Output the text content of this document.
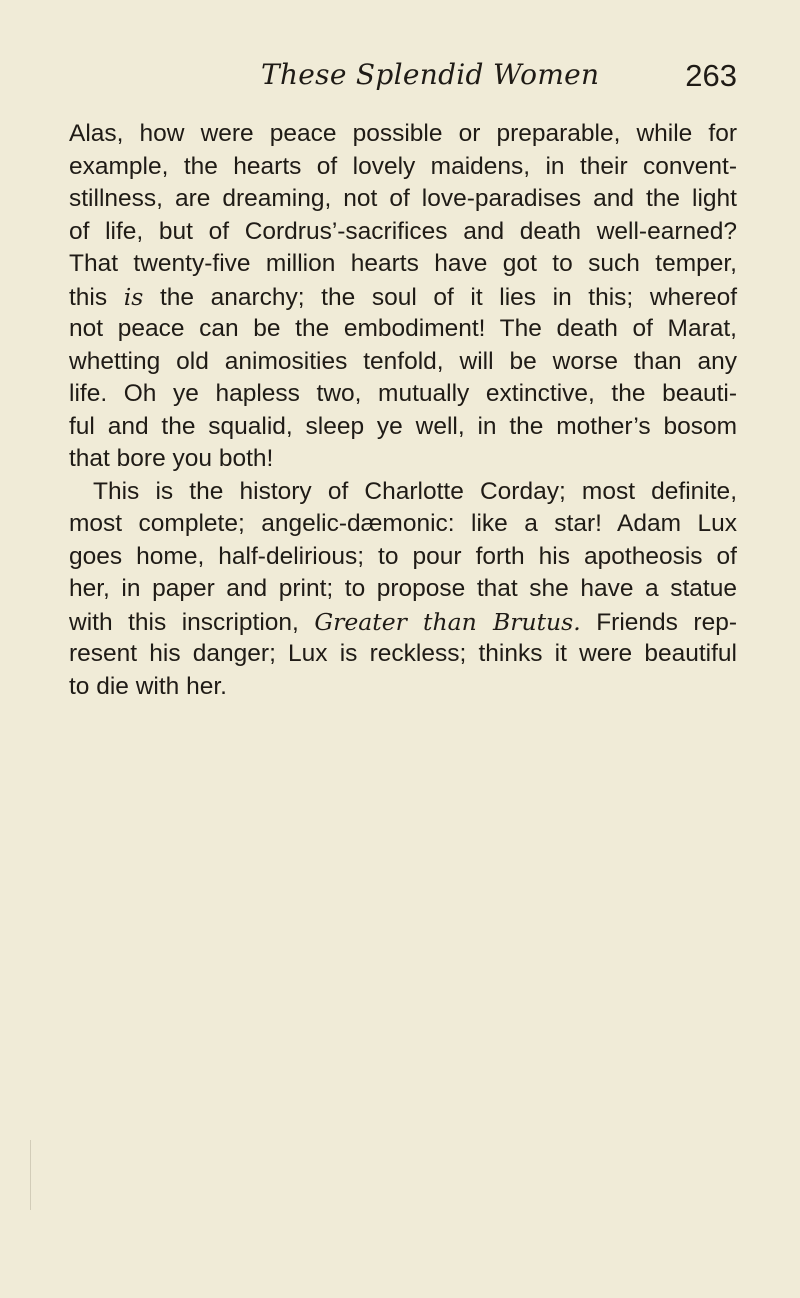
These Splendid Women	263
Alas, how were peace possible or preparable, while for
example, the hearts of lovely maidens, in their convent-
stillness, are dreaming, not of love-paradises and the light
of life, but of Cordrus’-sacrifices and death well-earned?
That twenty-five million hearts have got to such temper,
this is the anarchy; the soul of it lies in this; whereof
not peace can be the embodiment! The death of Marat,
whetting old animosities tenfold, will be worse than any
life. Oh ye hapless two, mutually extinctive, the beauti-
ful and the squalid, sleep ye well, in the mother’s bosom
that bore you both!
This is the history of Charlotte Corday; most definite,
most complete; angelic-dæmonic: like a star! Adam Lux
goes home, half-delirious; to pour forth his apotheosis of
her, in paper and print; to propose that she have a statue
with this inscription, Greater than Brutus. Friends rep-
resent his danger; Lux is reckless; thinks it were beautiful
to die with her.
